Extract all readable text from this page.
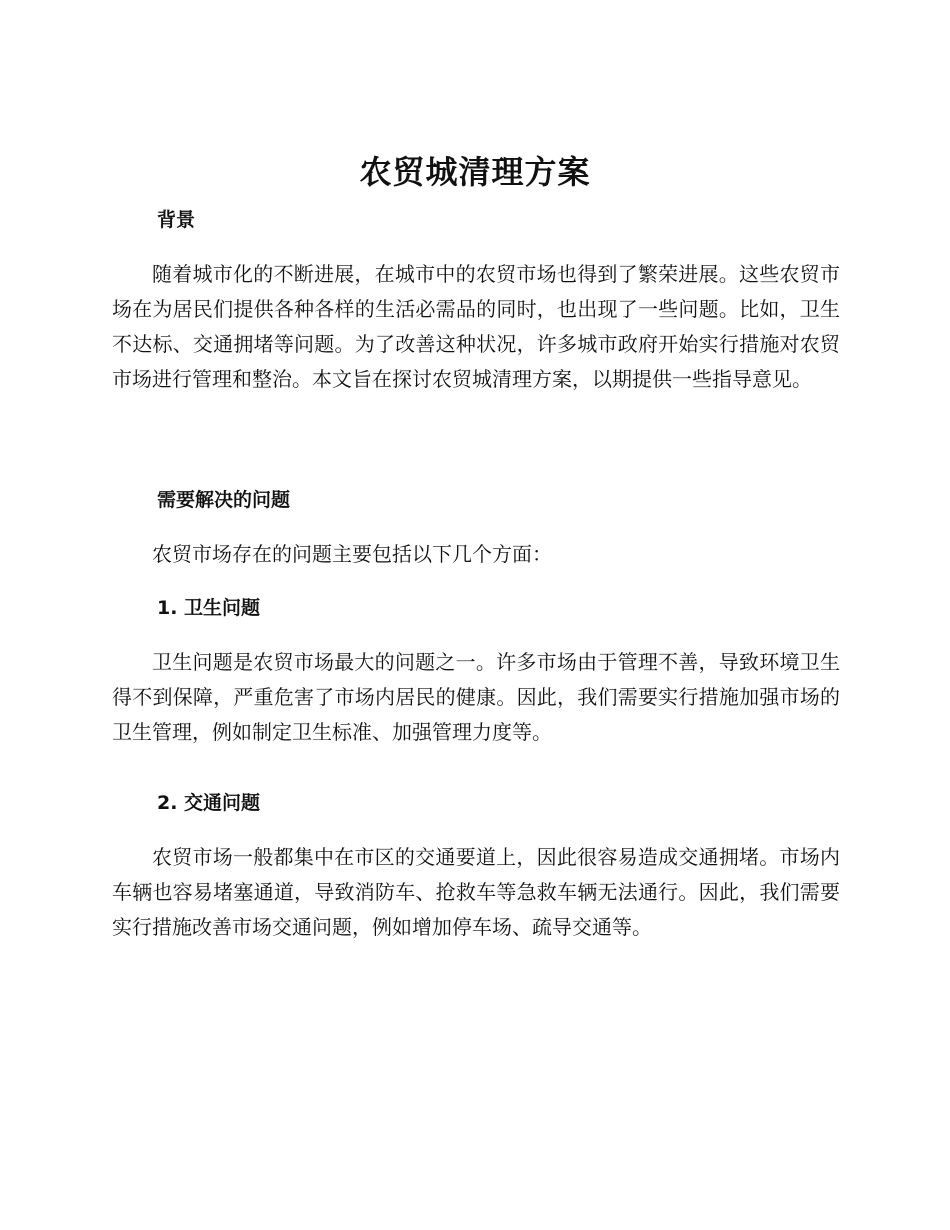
农贸城清理方案
背景

随着城市化的不断进展，在城市中的农贸市场也得到了繁荣进展。这些农贸市场在为居民们提供各种各样的生活必需品的同时，也出现了一些问题。比如，卫生不达标、交通拥堵等问题。为了改善这种状况，许多城市政府开始实行措施对农贸市场进行管理和整治。本文旨在探讨农贸城清理方案，以期提供一些指导意见。

需要解决的问题

农贸市场存在的问题主要包括以下几个方面：

1. 卫生问题

卫生问题是农贸市场最大的问题之一。许多市场由于管理不善，导致环境卫生得不到保障，严重危害了市场内居民的健康。因此，我们需要实行措施加强市场的卫生管理，例如制定卫生标准、加强管理力度等。

2. 交通问题

农贸市场一般都集中在市区的交通要道上，因此很容易造成交通拥堵。市场内车辆也容易堵塞通道，导致消防车、抢救车等急救车辆无法通行。因此，我们需要实行措施改善市场交通问题，例如增加停车场、疏导交通等。
